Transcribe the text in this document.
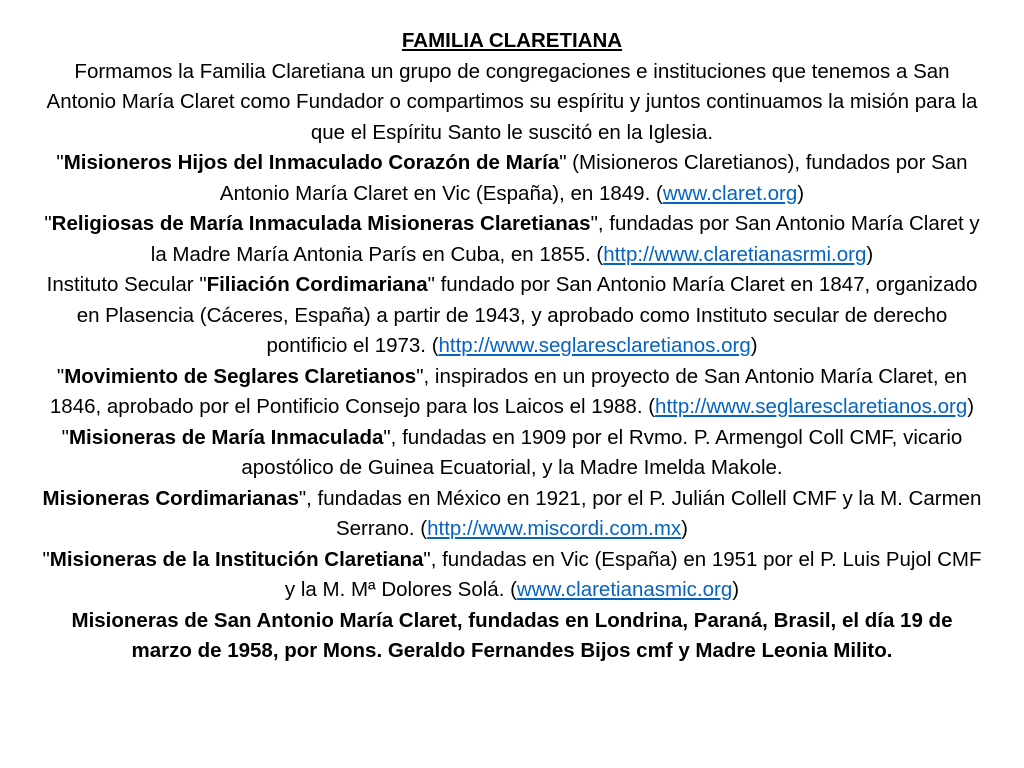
FAMILIA CLARETIANA
Formamos la Familia Claretiana un grupo de congregaciones e instituciones que tenemos a San Antonio María Claret como Fundador o compartimos su espíritu y juntos continuamos la misión para la que el Espíritu Santo le suscitó en la Iglesia.
"Misioneros Hijos del Inmaculado Corazón de María" (Misioneros Claretianos), fundados por San Antonio María Claret en Vic (España), en 1849. (www.claret.org)
"Religiosas de María Inmaculada Misioneras Claretianas", fundadas por San Antonio María Claret y la Madre María Antonia París en Cuba, en 1855. (http://www.claretianasrmi.org)
Instituto Secular "Filiación Cordimariana" fundado por San Antonio María Claret en 1847, organizado en Plasencia (Cáceres, España) a partir de 1943, y aprobado como Instituto secular de derecho pontificio el 1973. (http://www.seglaresclaretianos.org)
"Movimiento de Seglares Claretianos", inspirados en un proyecto de San Antonio María Claret, en 1846, aprobado por el Pontificio Consejo para los Laicos el 1988. (http://www.seglaresclaretianos.org)
"Misioneras de María Inmaculada", fundadas en 1909 por el Rvmo. P. Armengol Coll CMF, vicario apostólico de Guinea Ecuatorial, y la Madre Imelda Makole.
Misioneras Cordimarianas", fundadas en México en 1921, por el P. Julián Collell CMF y la M. Carmen Serrano. (http://www.miscordi.com.mx)
"Misioneras de la Institución Claretiana", fundadas en Vic (España) en 1951 por el P. Luis Pujol CMF y la M. Mª Dolores Solá. (www.claretianasmic.org)
Misioneras de San Antonio María Claret, fundadas en Londrina, Paraná, Brasil, el día 19 de marzo de 1958, por Mons. Geraldo Fernandes Bijos cmf y Madre Leonia Milito.
